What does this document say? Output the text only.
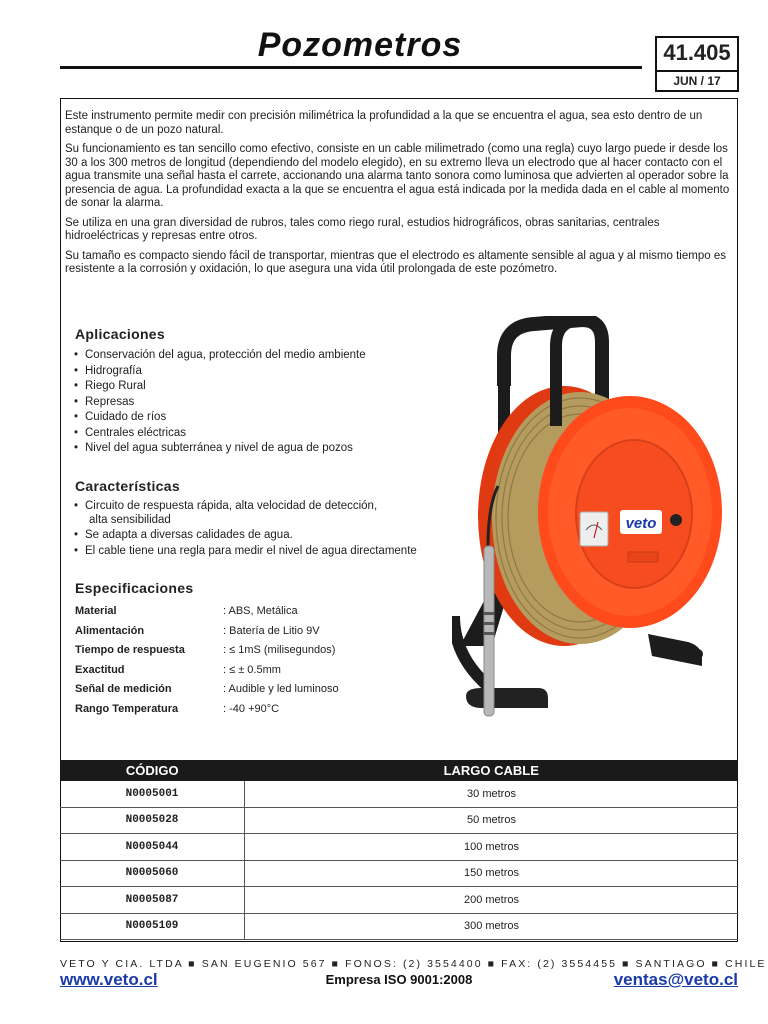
Pozometros	41.405
JUN / 17

Este instrumento permite medir con precisión milimétrica la profundidad a la que se encuentra el agua, sea esto dentro de un estanque o de un pozo natural.

Su funcionamiento es tan sencillo como efectivo, consiste en un cable milimetrado (como una regla) cuyo largo puede ir desde los 30 a los 300 metros de longitud (dependiendo del modelo elegido), en su extremo lleva un electrodo que al hacer contacto con el agua transmite una señal hasta el carrete, accionando una alarma tanto sonora como luminosa que advierten al operador sobre la presencia de agua. La profundidad exacta a la que se encuentra el agua está indicada por la medida dada en el cable al momento de sonar la alarma.

Se utiliza en una gran diversidad de rubros, tales como riego rural, estudios hidrográficos, obras sanitarias, centrales hidroeléctricas y represas entre otros.

Su tamaño es compacto siendo fácil de transportar, mientras que el electrodo es altamente sensible al agua y al mismo tiempo es resistente a la corrosión y oxidación, lo que asegura una vida útil prolongada de este pozómetro.

Aplicaciones
• Conservación del agua, protección del medio ambiente
• Hidrografía
• Riego Rural
• Represas
• Cuidado de ríos
• Centrales eléctricas
• Nivel del agua subterránea y nivel de agua de pozos
Características
• Circuito de respuesta rápida, alta velocidad de detección,
alta sensibilidad
• Se adapta a diversas calidades de agua.
• El cable tiene una regla para medir el nivel de agua directamente
Especificaciones
Material	: ABS, Metálica
Alimentación	: Batería de Litio 9V
Tiempo de respuesta	: ≤ 1mS (milisegundos)
Exactitud	: ≤ ± 0.5mm
Señal de medición	: Audible y led luminoso
Rango Temperatura	: -40 +90°C
veto
CÓDIGO	LARGO CABLE
N0005001	30 metros
N0005028	50 metros
N0005044	100 metros
N0005060	150 metros
N0005087	200 metros
N0005109	300 metros
VETO Y CIA. LTDA ■ SAN EUGENIO 567 ■ FONOS: (2) 3554400 ■ FAX: (2) 3554455 ■ SANTIAGO ■ CHILE
www.veto.cl	Empresa ISO 9001:2008	ventas@veto.cl
